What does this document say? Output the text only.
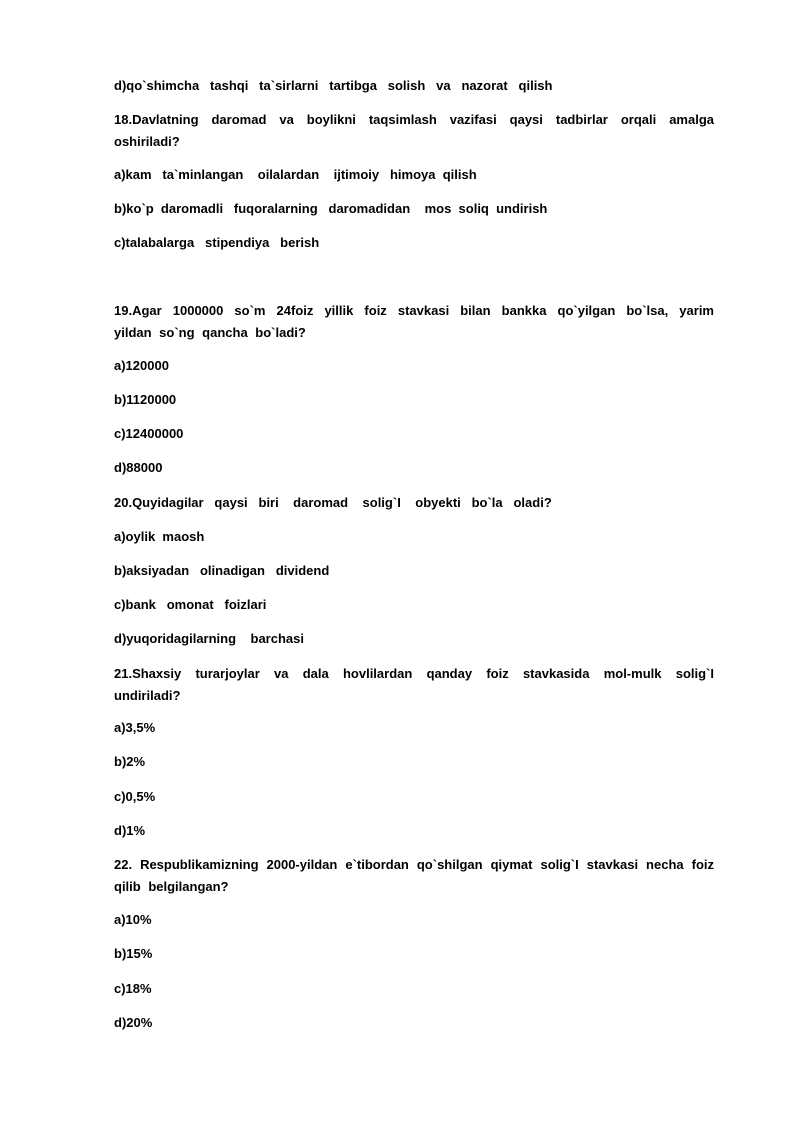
d)qo`shimcha   tashqi   ta`sirlarni   tartibga   solish   va   nazorat   qilish
18.Davlatning daromad va boylikni taqsimlash vazifasi qaysi tadbirlar orqali amalga oshiriladi?
a)kam   ta`minlangan    oilalardan    ijtimoiy   himoya  qilish
b)ko`p  daromadli   fuqoralarning   daromadidan    mos  soliq  undirish
c)talabalarga   stipendiya   berish
19.Agar 1000000 so`m 24foiz yillik foiz stavkasi bilan bankka qo`yilgan bo`lsa, yarim yildan so`ng qancha bo`ladi?
a)120000
b)1120000
c)12400000
d)88000
20.Quyidagilar   qaysi   biri    daromad    solig`I    obyekti   bo`la   oladi?
a)oylik  maosh
b)aksiyadan   olinadigan   dividend
c)bank   omonat   foizlari
d)yuqoridagilarning    barchasi
21.Shaxsiy turarjoylar va dala hovlilardan qanday foiz stavkasida mol-mulk solig`I undiriladi?
a)3,5%
b)2%
c)0,5%
d)1%
22. Respublikamizning 2000-yildan e`tibordan qo`shilgan qiymat solig`I stavkasi necha foiz qilib belgilangan?
a)10%
b)15%
c)18%
d)20%
